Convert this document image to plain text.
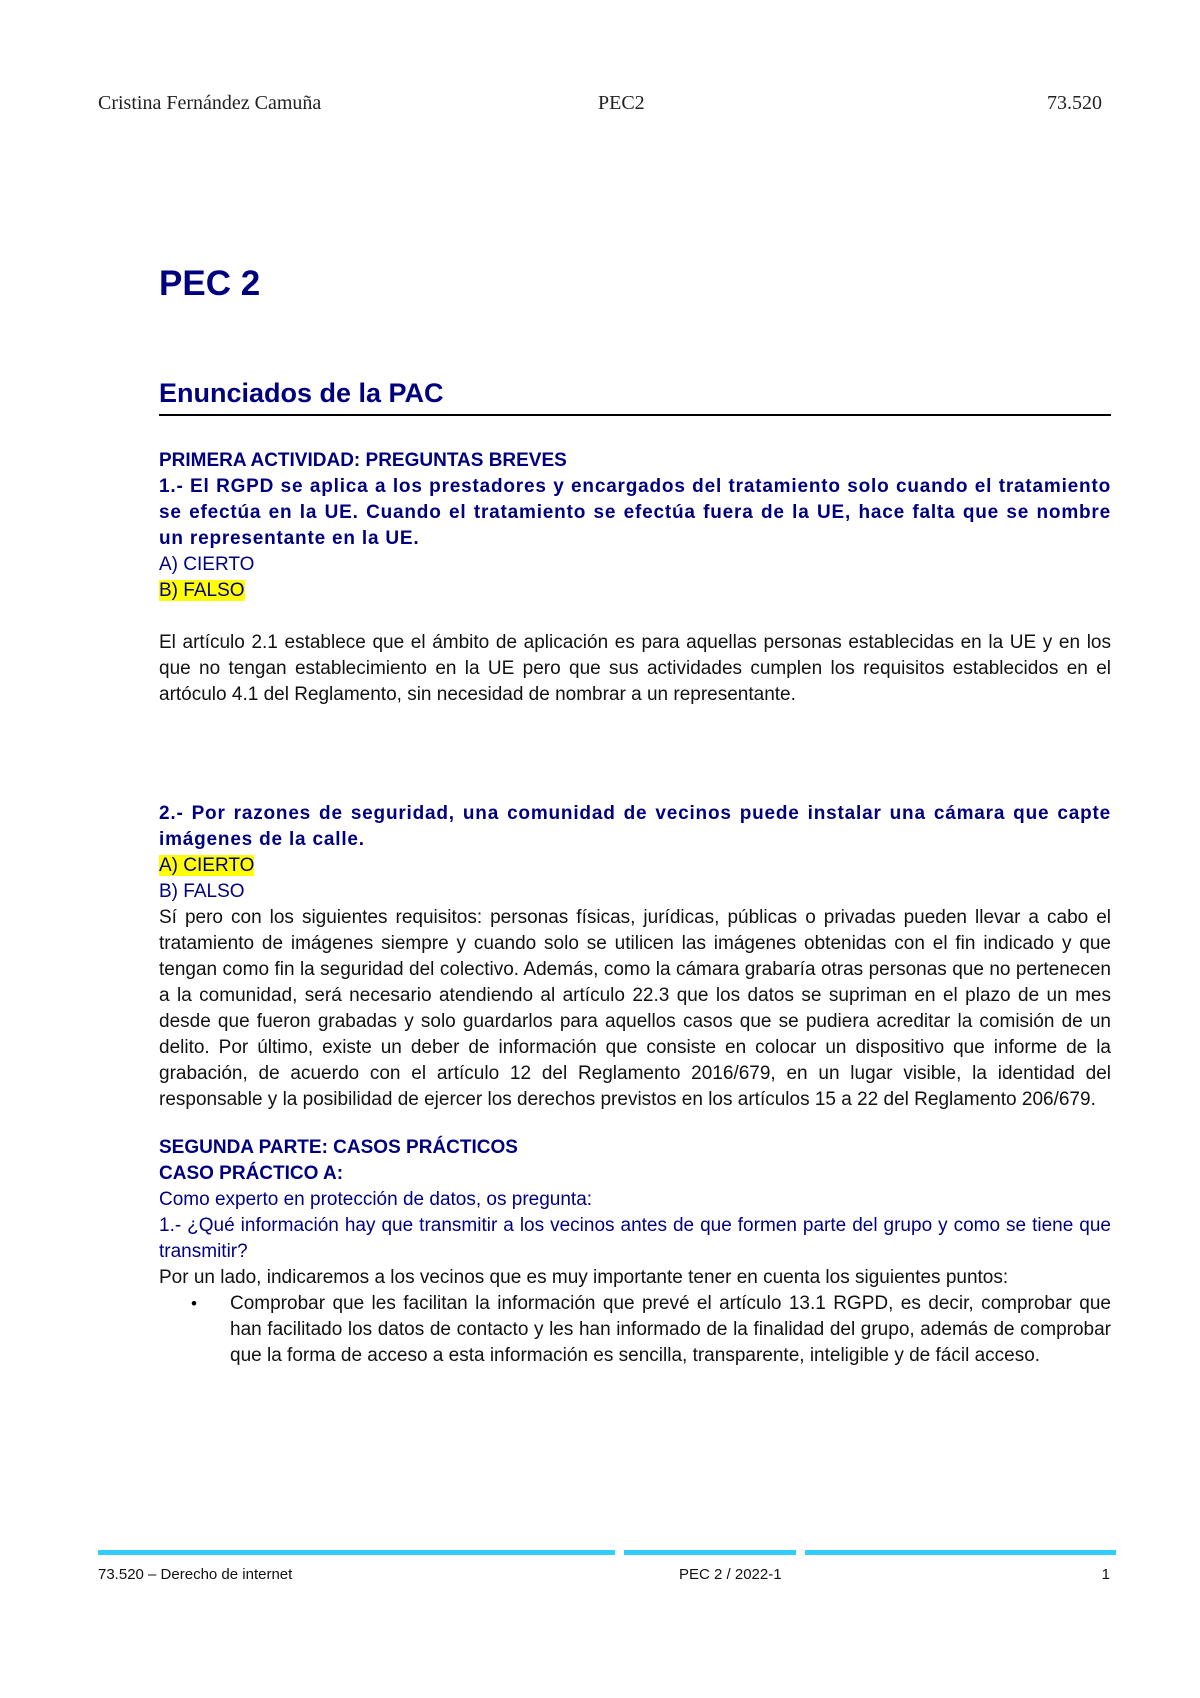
Cristina Fernández Camuña	PEC2	73.520
PEC 2
Enunciados de la PAC

PRIMERA ACTIVIDAD: PREGUNTAS BREVES

1.- El RGPD se aplica a los prestadores y encargados del tratamiento solo cuando el tratamiento se efectúa en la UE. Cuando el tratamiento se efectúa fuera de la UE, hace falta que se nombre un representante en la UE.

A) CIERTO

B) FALSO

El artículo 2.1 establece que el ámbito de aplicación es para aquellas personas establecidas en la UE y en los que no tengan establecimiento en la UE pero que sus actividades cumplen los requisitos establecidos en el artóculo 4.1 del Reglamento, sin necesidad de nombrar a un representante.

2.- Por razones de seguridad, una comunidad de vecinos puede instalar una cámara que capte imágenes de la calle.

A) CIERTO

B) FALSO

Sí pero con los siguientes requisitos: personas físicas, jurídicas, públicas o privadas pueden llevar a cabo el tratamiento de imágenes siempre y cuando solo se utilicen las imágenes obtenidas con el fin indicado y que tengan como fin la seguridad del colectivo. Además, como la cámara grabaría otras personas que no pertenecen a la comunidad, será necesario atendiendo al artículo 22.3 que los datos se supriman en el plazo de un mes desde que fueron grabadas y solo guardarlos para aquellos casos que se pudiera acreditar la comisión de un delito. Por último, existe un deber de información que consiste en colocar un dispositivo que informe de la grabación, de acuerdo con el artículo 12 del Reglamento 2016/679, en un lugar visible, la identidad del responsable y la posibilidad de ejercer los derechos previstos en los artículos 15 a 22 del Reglamento 206/679.

SEGUNDA PARTE: CASOS PRÁCTICOS

CASO PRÁCTICO A:

Como experto en protección de datos, os pregunta:

1.- ¿Qué información hay que transmitir a los vecinos antes de que formen parte del grupo y como se tiene que transmitir?

Por un lado, indicaremos a los vecinos que es muy importante tener en cuenta los siguientes puntos:

• Comprobar que les facilitan la información que prevé el artículo 13.1 RGPD, es decir, comprobar que han facilitado los datos de contacto y les han informado de la finalidad del grupo, además de comprobar que la forma de acceso a esta información es sencilla, transparente, inteligible y de fácil acceso.
73.520 – Derecho de internet	PEC 2 / 2022-1	1
